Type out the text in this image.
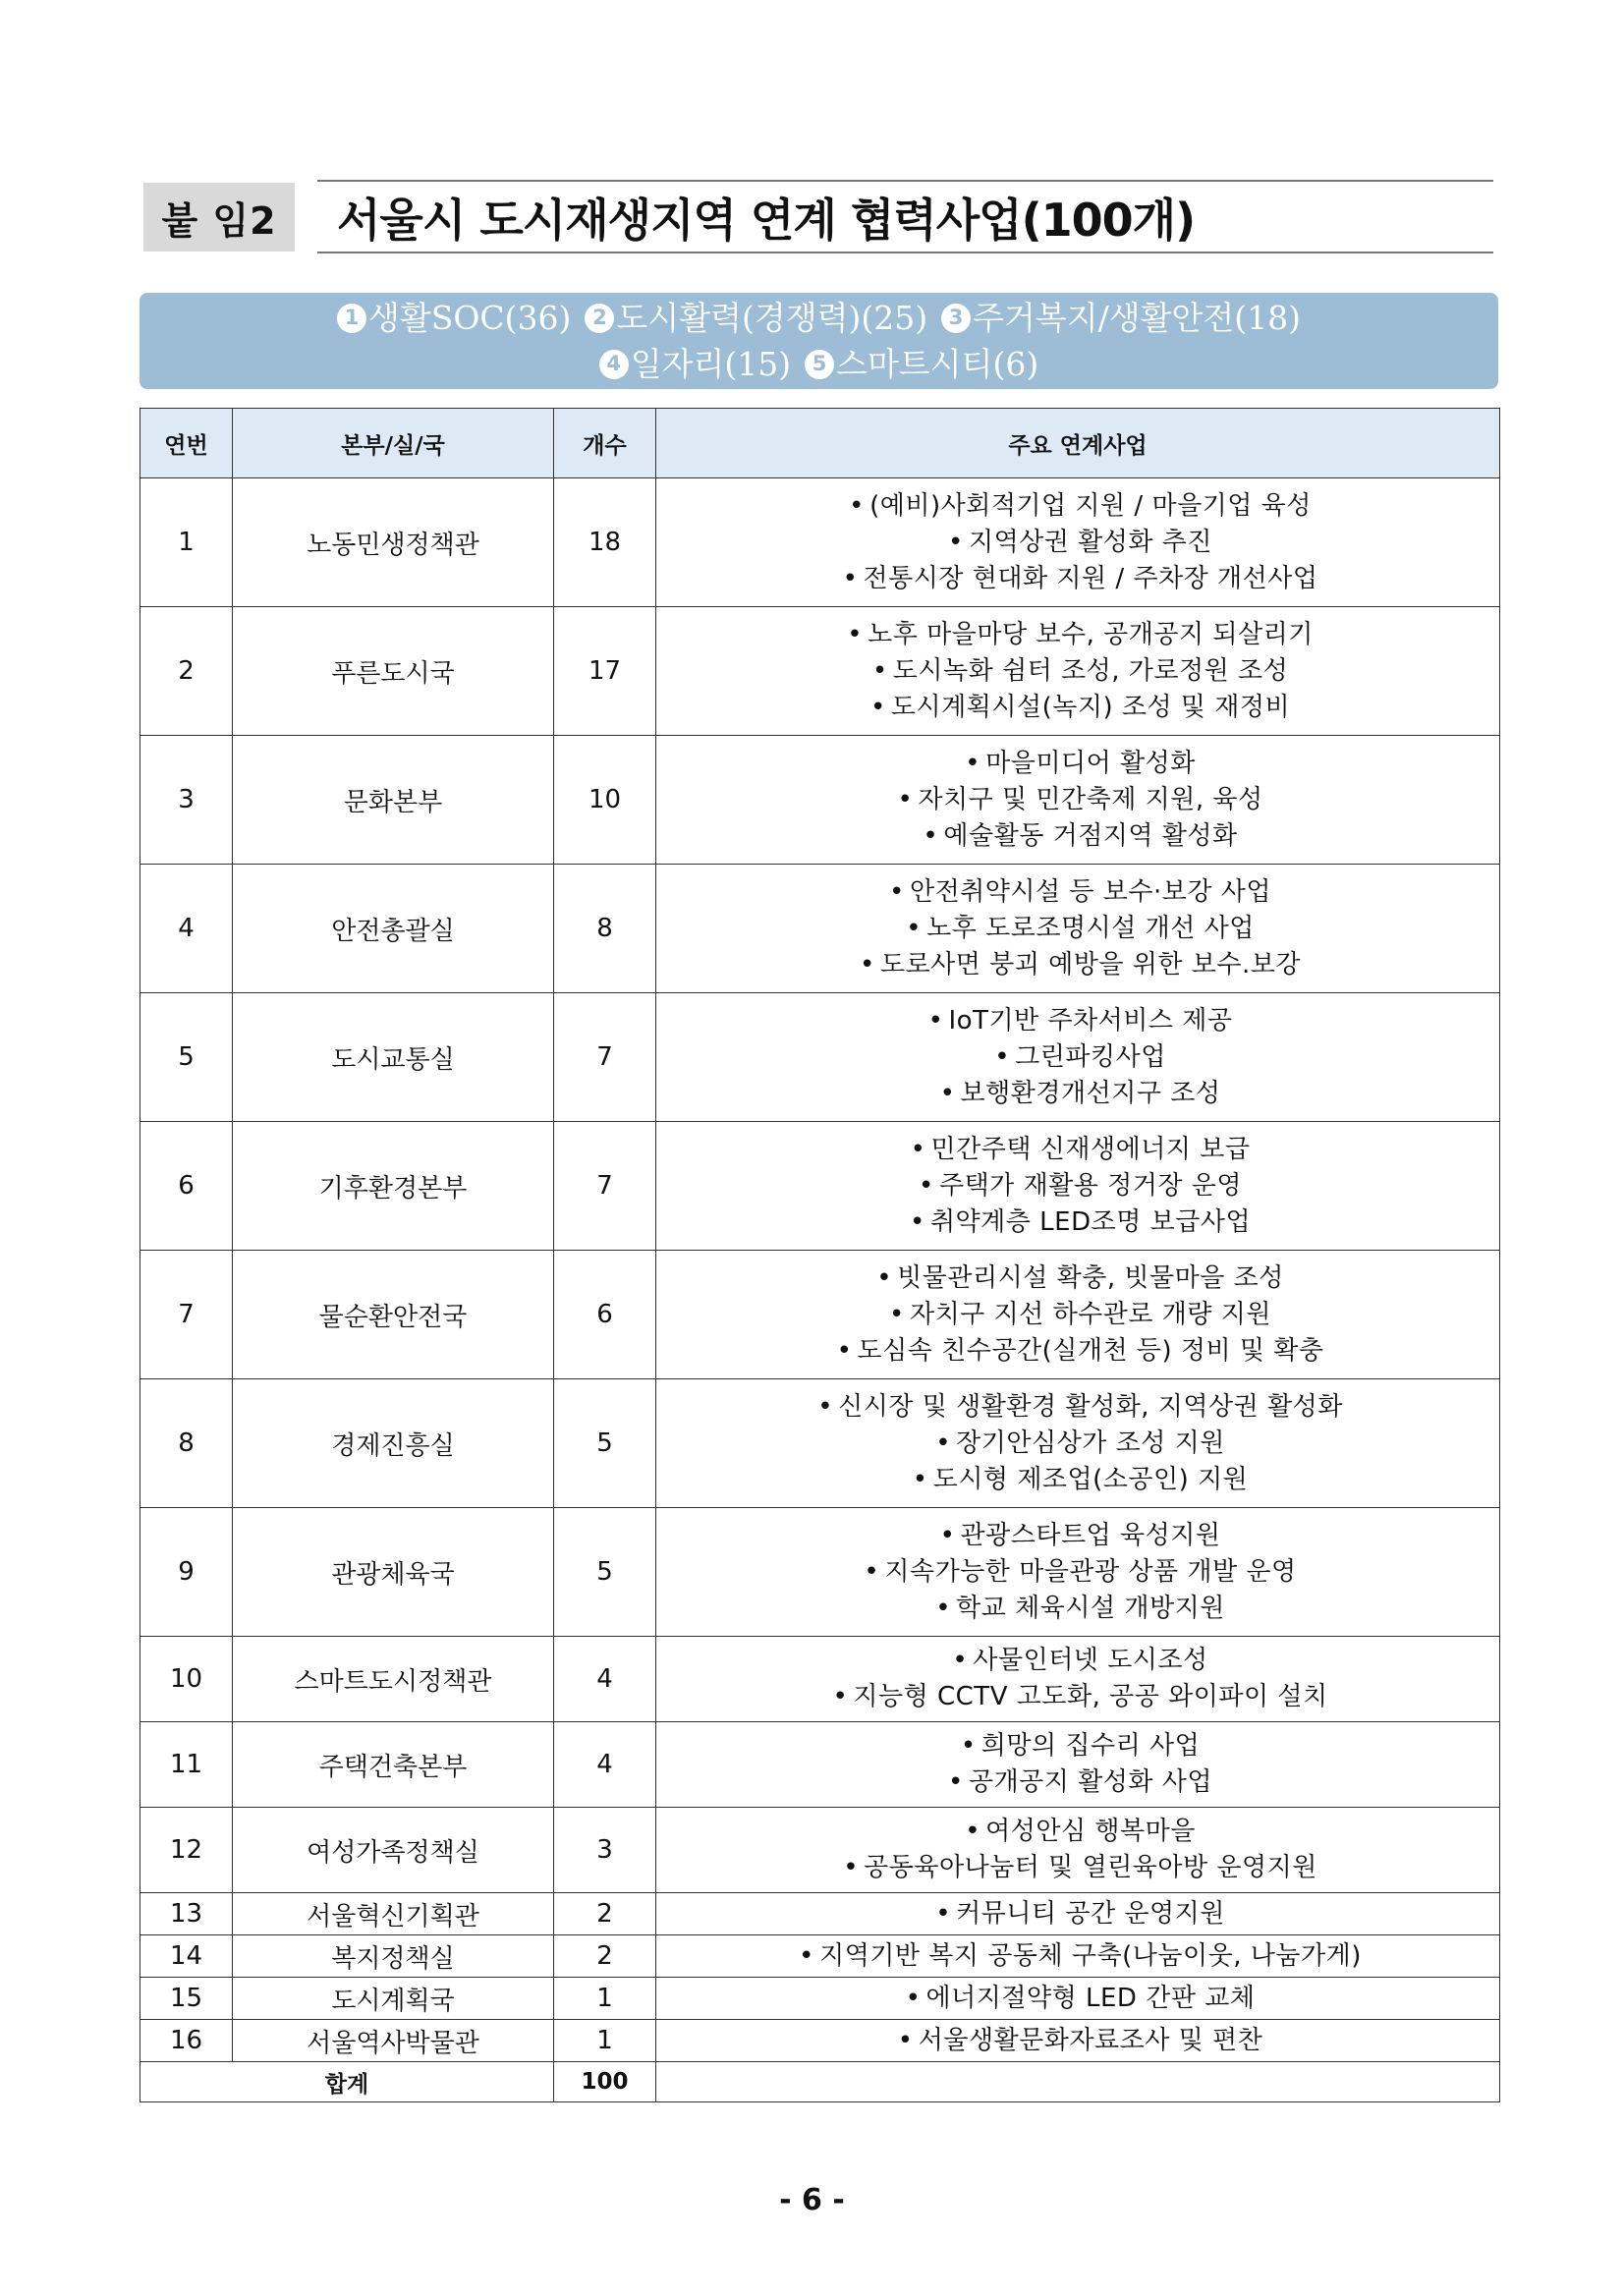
붙 임2	서울시 도시재생지역 연계 협력사업(100개)
1 생활SOC(36)	2 도시활력(경쟁력)(25)	3 주거복지/생활안전(18)
4 일자리(15)	5 스마트시티(6)
연번	본부/실/국	개수	주요 연계사업
1	노동민생정책관	18	• (예비)사회적기업 지원 / 마을기업 육성
• 지역상권 활성화 추진
• 전통시장 현대화 지원 / 주차장 개선사업

2	푸른도시국	17	• 노후 마을마당 보수, 공개공지 되살리기
• 도시녹화 쉼터 조성, 가로정원 조성
• 도시계획시설(녹지) 조성 및 재정비

3	문화본부	10	• 마을미디어 활성화
• 자치구 및 민간축제 지원, 육성
• 예술활동 거점지역 활성화

4	안전총괄실	8	• 안전취약시설 등 보수·보강 사업
• 노후 도로조명시설 개선 사업
• 도로사면 붕괴 예방을 위한 보수.보강

5	도시교통실	7	• IoT기반 주차서비스 제공
• 그린파킹사업
• 보행환경개선지구 조성

6	기후환경본부	7	• 민간주택 신재생에너지 보급
• 주택가 재활용 정거장 운영
• 취약계층 LED조명 보급사업

7	물순환안전국	6	• 빗물관리시설 확충, 빗물마을 조성
• 자치구 지선 하수관로 개량 지원
• 도심속 친수공간(실개천 등) 정비 및 확충

8	경제진흥실	5	• 신시장 및 생활환경 활성화, 지역상권 활성화
• 장기안심상가 조성 지원
• 도시형 제조업(소공인) 지원

9	관광체육국	5	• 관광스타트업 육성지원
• 지속가능한 마을관광 상품 개발 운영
• 학교 체육시설 개방지원

10	스마트도시정책관	4	• 사물인터넷 도시조성
• 지능형 CCTV 고도화, 공공 와이파이 설치

11	주택건축본부	4	• 희망의 집수리 사업
• 공개공지 활성화 사업

12	여성가족정책실	3	• 여성안심 행복마을
• 공동육아나눔터 및 열린육아방 운영지원

13	서울혁신기획관	2	• 커뮤니티 공간 운영지원

14	복지정책실	2	• 지역기반 복지 공동체 구축(나눔이웃, 나눔가게)

15	도시계획국	1	• 에너지절약형 LED 간판 교체

16	서울역사박물관	1	• 서울생활문화자료조사 및 편찬

합계		100	
- 6 -
